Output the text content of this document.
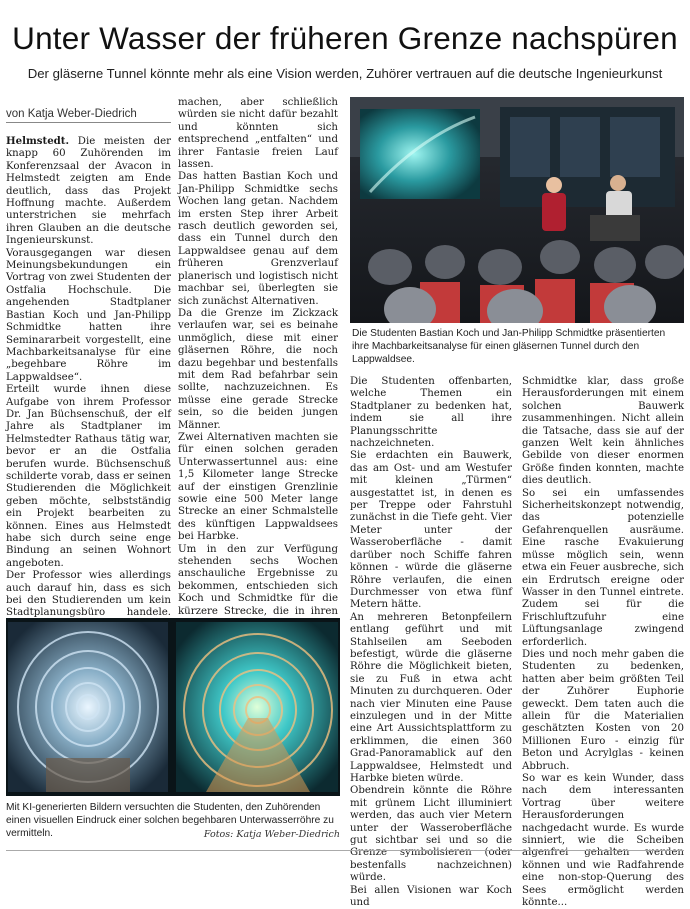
Unter Wasser der früheren Grenze nachspüren

Der gläserne Tunnel könnte mehr als eine Vision werden, Zuhörer vertrauen auf die deutsche Ingenieurkunst

von Katja Weber-Diedrich

Helmstedt. Die meisten der knapp 60 Zuhörenden im Konferenzsaal der Avacon in Helmstedt zeigten am Ende deutlich, dass das Projekt Hoffnung machte. Außerdem unterstrichen sie mehrfach ihren Glauben an die deutsche Ingenieurskunst.

Vorausgegangen war diesen Meinungsbekundungen ein Vortrag von zwei Studenten der Ostfalia Hochschule. Die angehenden Stadtplaner Bastian Koch und Jan-Philipp Schmidtke hatten ihre Seminararbeit vorgestellt, eine Machbarkeitsanalyse für eine „begehbare Röhre im Lappwaldsee“.

Erteilt wurde ihnen diese Aufgabe von ihrem Professor Dr. Jan Büchsenschuß, der elf Jahre als Stadtplaner im Helmstedter Rathaus tätig war, bevor er an die Ostfalia berufen wurde. Büchsenschuß schilderte vorab, dass er seinen Studierenden die Möglichkeit geben möchte, selbstständig ein Projekt bearbeiten zu können. Eines aus Helmstedt habe sich durch seine enge Bindung an seinen Wohnort angeboten.

Der Professor wies allerdings auch darauf hin, dass es sich bei den Studierenden um kein Stadtplanungsbüro handele.

machen, aber schließlich würden sie nicht dafür bezahlt und könnten sich entsprechend „entfalten“ und ihrer Fantasie freien Lauf lassen.

Das hatten Bastian Koch und Jan-Philipp Schmidtke sechs Wochen lang getan. Nachdem im ersten Step ihrer Arbeit rasch deutlich geworden sei, dass ein Tunnel durch den Lappwaldsee genau auf dem früheren Grenzverlauf planerisch und logistisch nicht machbar sei, überlegten sie sich zunächst Alternativen.

Da die Grenze im Zickzack verlaufen war, sei es beinahe unmöglich, diese mit einer gläsernen Röhre, die noch dazu begehbar und bestenfalls mit dem Rad befahrbar sein sollte, nachzuzeichnen. Es müsse eine gerade Strecke sein, so die beiden jungen Männer.

Zwei Alternativen machten sie für einen solchen geraden Unterwassertunnel aus: eine 1,5 Kilometer lange Strecke auf der einstigen Grenzlinie sowie eine 500 Meter lange Strecke an einer Schmalstelle des künftigen Lappwaldsees bei Harbke.

Um in den zur Verfügung stehenden sechs Wochen anschauliche Ergebnisse zu bekommen, entschieden sich Koch und Schmidtke für die kürzere Strecke, die in ihren

Die Studenten Bastian Koch und Jan-Philipp Schmidtke präsentierten ihre Machbarkeitsanalyse für einen gläsernen Tunnel durch den Lappwaldsee.

Die Studenten offenbarten, welche Themen ein Stadtplaner zu bedenken hat, indem sie all ihre Planungsschritte nachzeichneten.

Sie erdachten ein Bauwerk, das am Ost- und am Westufer mit kleinen „Türmen“ ausgestattet ist, in denen es per Treppe oder Fahrstuhl zunächst in die Tiefe geht. Vier Meter unter der Wasseroberfläche - damit darüber noch Schiffe fahren können - würde die gläserne Röhre verlaufen, die einen Durchmesser von etwa fünf Metern hätte.

An mehreren Betonpfeilern entlang geführt und mit Stahlseilen am Seeboden befestigt, würde die gläserne Röhre die Möglichkeit bieten, sie zu Fuß in etwa acht Minuten zu durchqueren. Oder nach vier Minuten eine Pause einzulegen und in der Mitte eine Art Aussichtsplattform zu erklimmen, die einen 360 Grad-Panoramablick auf den Lappwaldsee, Helmstedt und Harbke bieten würde.

Obendrein könnte die Röhre mit grünem Licht illuminiert werden, das auch vier Metern unter der Wasseroberfläche gut sichtbar sei und so die Grenze symbolisieren (oder bestenfalls nachzeichnen) würde.

Bei allen Visionen war Koch und

Schmidtke klar, dass große Herausforderungen mit einem solchen Bauwerk zusammenhingen. Nicht allein die Tatsache, dass sie auf der ganzen Welt kein ähnliches Gebilde von dieser enormen Größe finden konnten, machte dies deutlich.

So sei ein umfassendes Sicherheitskonzept notwendig, das potenzielle Gefahrenquellen ausräume. Eine rasche Evakuierung müsse möglich sein, wenn etwa ein Feuer ausbreche, sich ein Erdrutsch ereigne oder Wasser in den Tunnel eintrete. Zudem sei für die Frischluftzufuhr eine Lüftungsanlage zwingend erforderlich.

Dies und noch mehr gaben die Studenten zu bedenken, hatten aber beim größten Teil der Zuhörer Euphorie geweckt. Dem taten auch die allein für die Materialien geschätzten Kosten von 20 Millionen Euro - einzig für Beton und Acrylglas - keinen Abbruch.

So war es kein Wunder, dass nach dem interessanten Vortrag über weitere Herausforderungen nachgedacht wurde. Es wurde sinniert, wie die Scheiben algenfrei gehalten werden können und wie Radfahrende eine non-stop-Querung des Sees ermöglicht werden könnte...

Mit KI-generierten Bildern versuchten die Studenten, den Zuhörenden einen visuellen Eindruck einer solchen begehbaren Unterwasserröhre zu vermitteln.	Fotos: Katja Weber-Diedrich
